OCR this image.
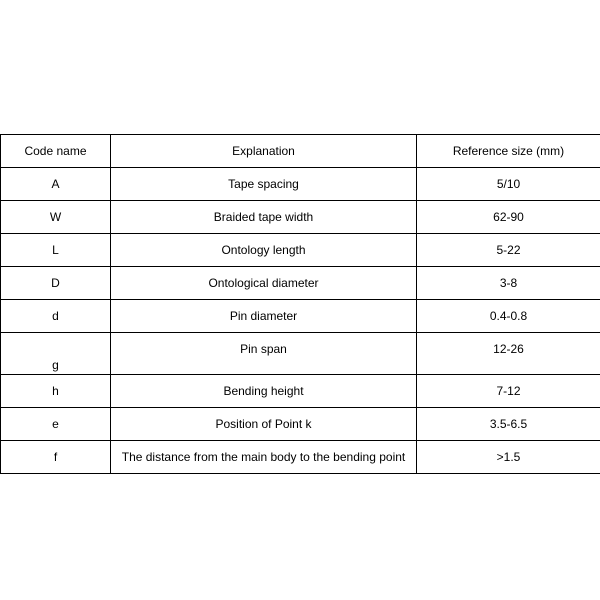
Code name	Explanation	Reference size (mm)
A	Tape spacing	5/10
W	Braided tape width	62-90
L	Ontology length	5-22
D	Ontological diameter	3-8
d	Pin diameter	0.4-0.8
g	Pin span	12-26
h	Bending height	7-12
e	Position of Point k	3.5-6.5
f	The distance from the main body to the bending point	>1.5
